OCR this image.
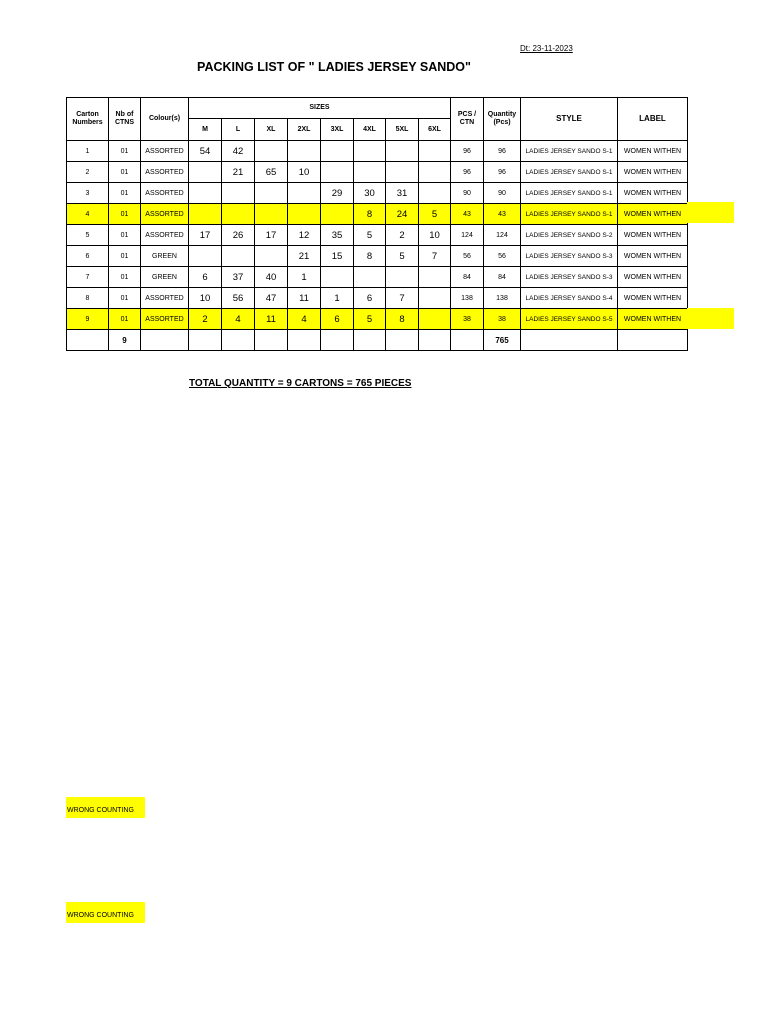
Dt: 23-11-2023
PACKING LIST OF " LADIES JERSEY SANDO"
Carton Numbers	Nb of CTNS	Colour(s)	SIZES								PCS / CTN	Quantity (Pcs)	STYLE	LABEL
			M	L	XL	2XL	3XL	4XL	5XL	6XL				
1	01	ASSORTED	54	42							96	96	LADIES JERSEY SANDO S-1	WOMEN WITHEN
2	01	ASSORTED		21	65	10					96	96	LADIES JERSEY SANDO S-1	WOMEN WITHEN
3	01	ASSORTED					29	30	31		90	90	LADIES JERSEY SANDO S-1	WOMEN WITHEN
4	01	ASSORTED						8	24	5	43	43	LADIES JERSEY SANDO S-1	WOMEN WITHEN
5	01	ASSORTED	17	26	17	12	35	5	2	10	124	124	LADIES JERSEY SANDO S-2	WOMEN WITHEN
6	01	GREEN				21	15	8	5	7	56	56	LADIES JERSEY SANDO S-3	WOMEN WITHEN
7	01	GREEN	6	37	40	1					84	84	LADIES JERSEY SANDO S-3	WOMEN WITHEN
8	01	ASSORTED	10	56	47	11	1	6	7		138	138	LADIES JERSEY SANDO S-4	WOMEN WITHEN
9	01	ASSORTED	2	4	11	4	6	5	8		38	38	LADIES JERSEY SANDO S-5	WOMEN WITHEN
	9											765		
TOTAL QUANTITY = 9 CARTONS = 765 PIECES
WRONG COUNTING
WRONG COUNTING
